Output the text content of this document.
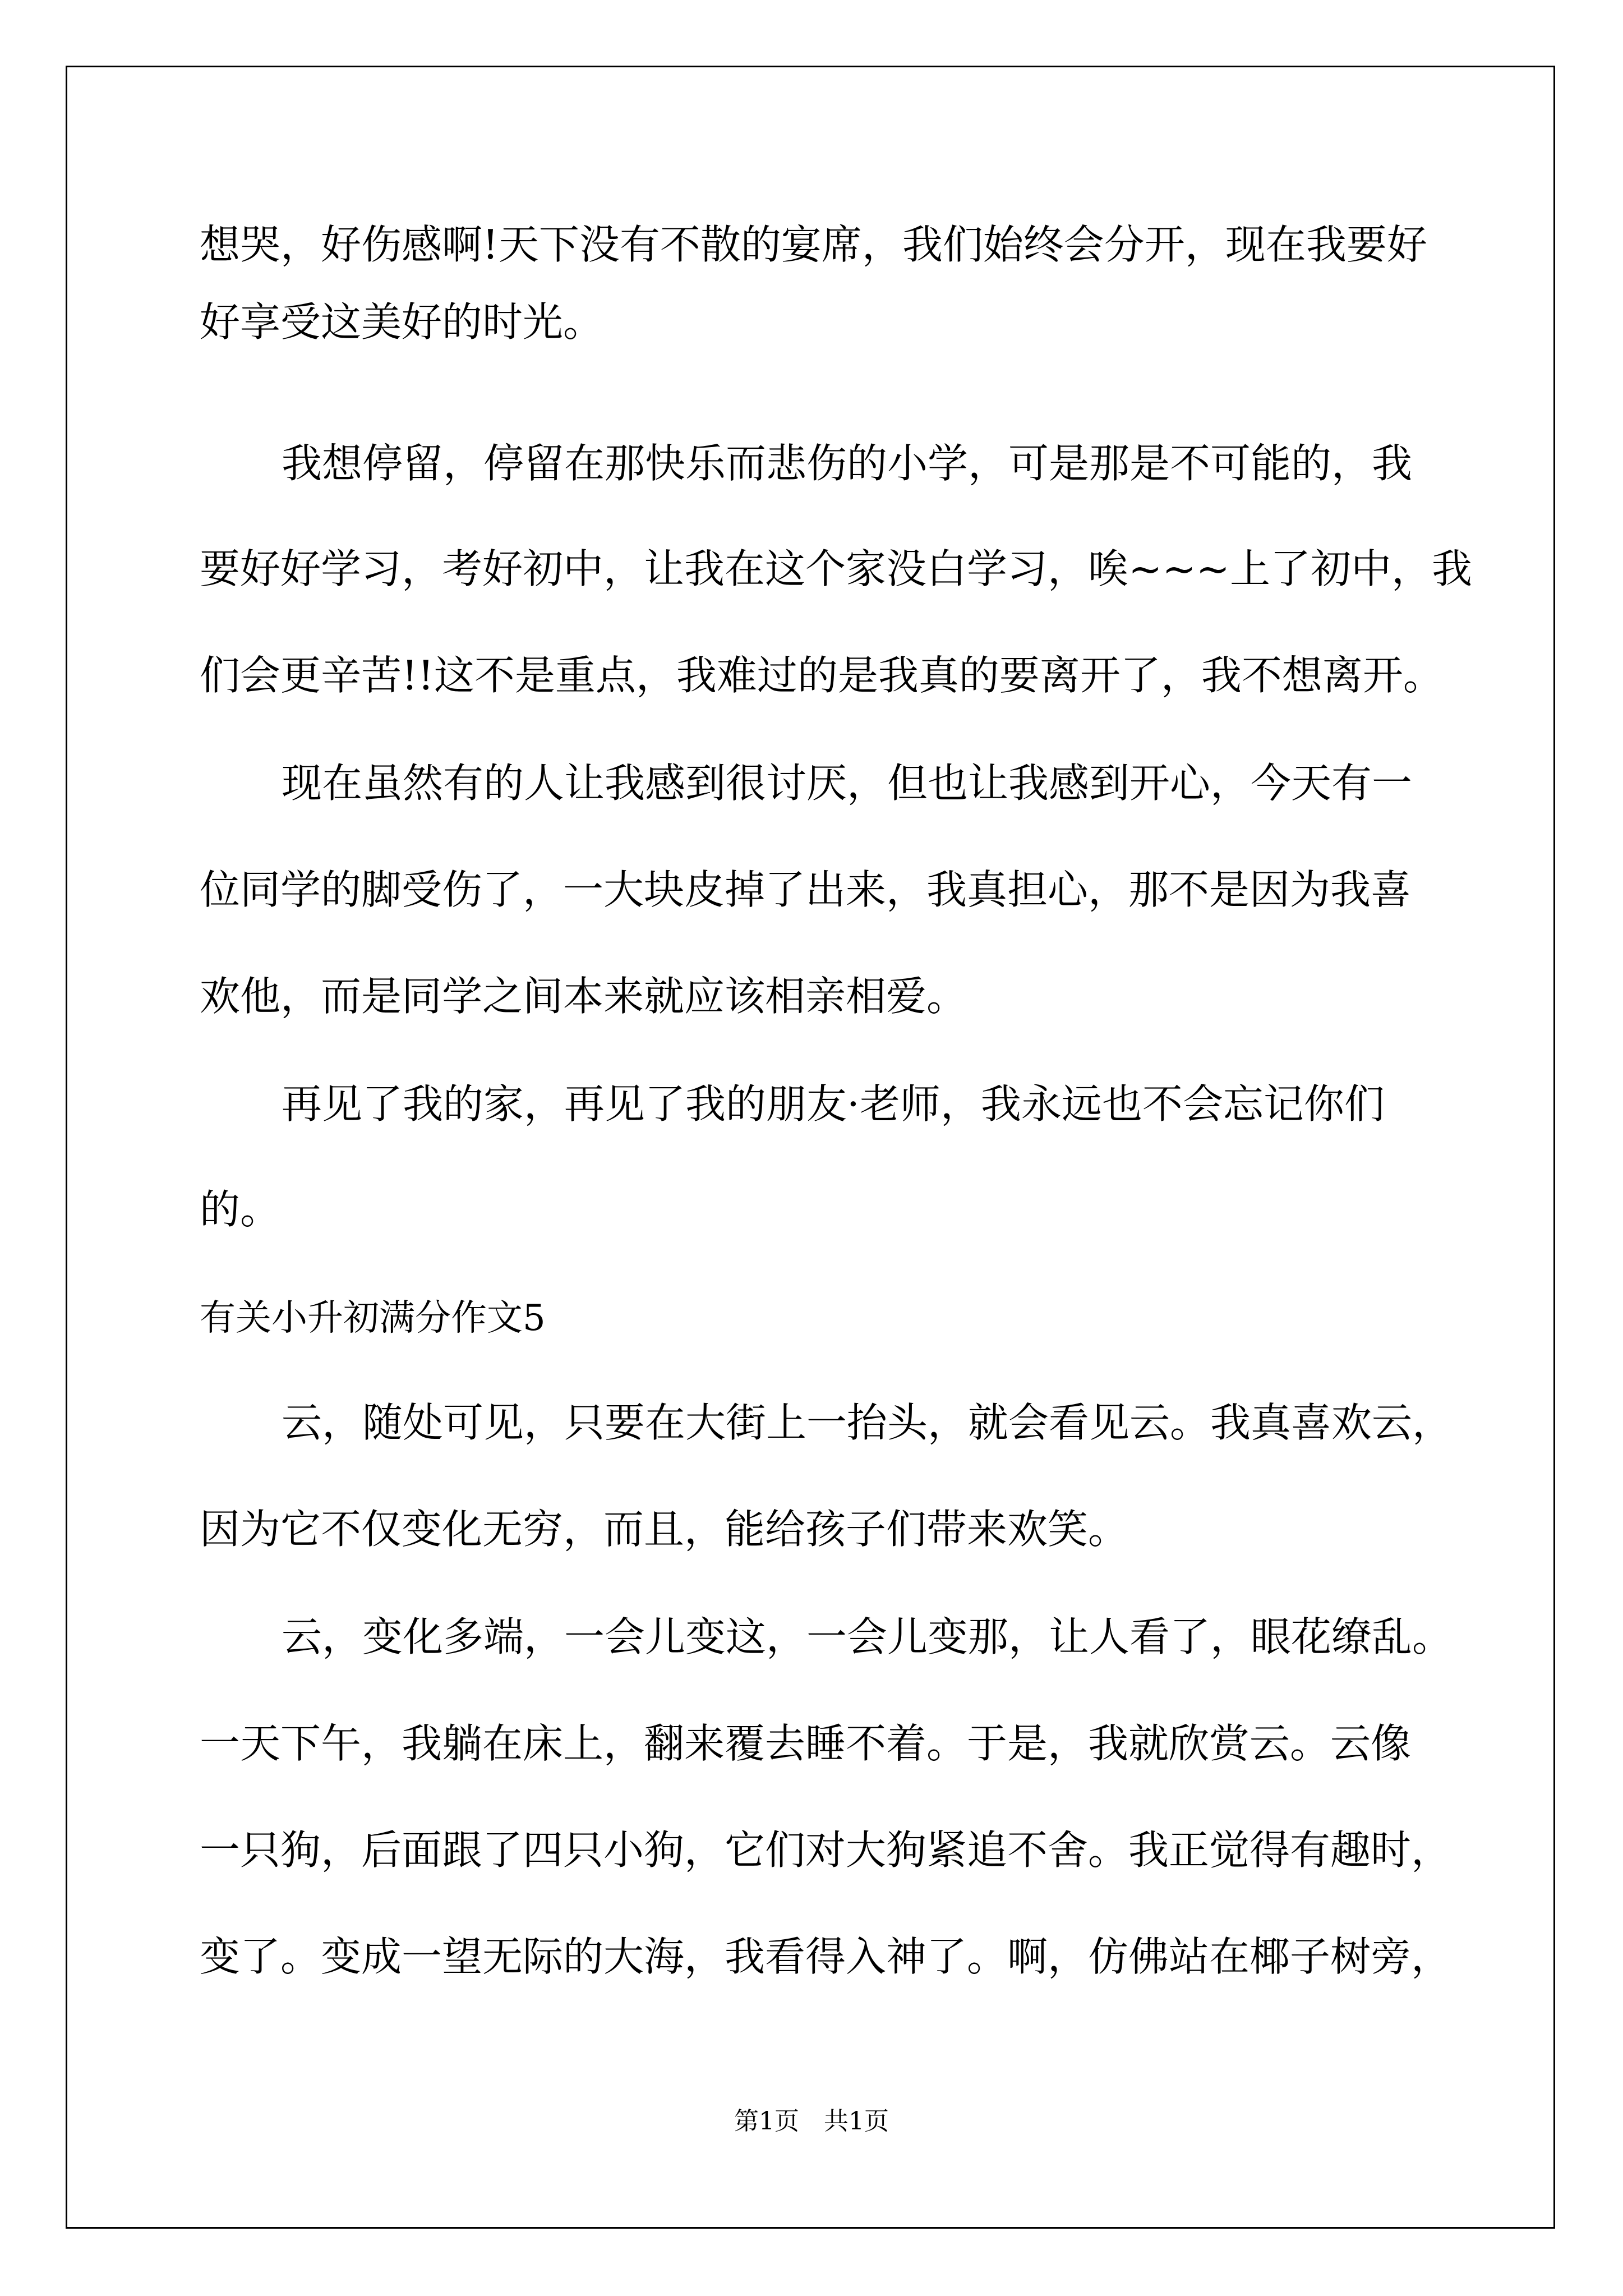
想哭，好伤感啊!天下没有不散的宴席，我们始终会分开，现在我要好
好享受这美好的时光。
我想停留，停留在那快乐而悲伤的小学，可是那是不可能的，我
要好好学习，考好初中，让我在这个家没白学习，唉~~~上了初中，我
们会更辛苦!!这不是重点，我难过的是我真的要离开了，我不想离开。
现在虽然有的人让我感到很讨厌，但也让我感到开心，今天有一
位同学的脚受伤了，一大块皮掉了出来，我真担心，那不是因为我喜
欢他，而是同学之间本来就应该相亲相爱。
再见了我的家，再见了我的朋友·老师，我永远也不会忘记你们
的。
有关小升初满分作文5
云，随处可见，只要在大街上一抬头，就会看见云。我真喜欢云，
因为它不仅变化无穷，而且，能给孩子们带来欢笑。
云，变化多端，一会儿变这，一会儿变那，让人看了，眼花缭乱。
一天下午，我躺在床上，翻来覆去睡不着。于是，我就欣赏云。云像
一只狗，后面跟了四只小狗，它们对大狗紧追不舍。我正觉得有趣时，
变了。变成一望无际的大海，我看得入神了。啊，仿佛站在椰子树旁，
第1页　共1页
